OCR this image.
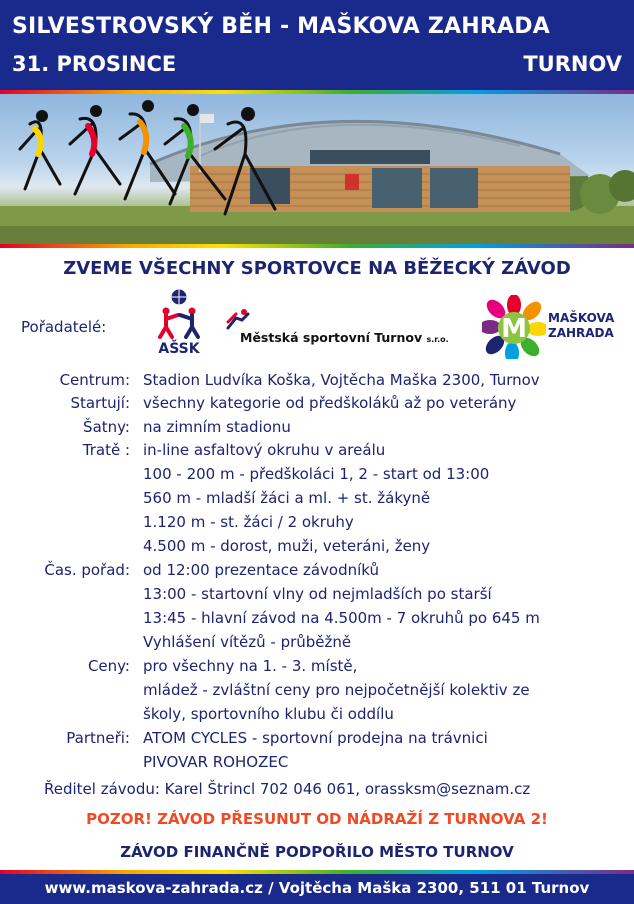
SILVESTROVSKÝ BĚH - MAŠKOVA ZAHRADA
31. PROSINCE	TURNOV
ZVEME VŠECHNY SPORTOVCE NA BĚŽECKÝ ZÁVOD
Pořadatelé:
AŠSK
Městská sportovní Turnov s.r.o. M MAŠKOVA
ZAHRADA
Centrum: Stadion Ludvíka Koška, Vojtěcha Maška 2300, Turnov
Startují: všechny kategorie od předškoláků až po veterány
Šatny: na zimním stadionu
Tratě : in-line asfaltový okruhu v areálu
100 - 200 m - předškoláci 1, 2 - start od 13:00
560 m - mladší žáci a ml. + st. žákyně
1.120 m - st. žáci / 2 okruhy
4.500 m - dorost, muži, veteráni, ženy
Čas. pořad: od 12:00 prezentace závodníků
13:00 - startovní vlny od nejmladších po starší
13:45 - hlavní závod na 4.500m - 7 okruhů po 645 m
Vyhlášení vítězů - průběžně
Ceny: pro všechny na 1. - 3. místě,
mládež - zvláštní ceny pro nejpočetnější kolektiv ze
školy, sportovního klubu či oddílu
Partneři: ATOM CYCLES - sportovní prodejna na trávnici
PIVOVAR ROHOZEC
Ředitel závodu: Karel Štrincl 702 046 061, orassksm@seznam.cz
POZOR! ZÁVOD PŘESUNUT OD NÁDRAŽÍ Z TURNOVA 2!
ZÁVOD FINANČNĚ PODPOŘILO MĚSTO TURNOV
www.maskova-zahrada.cz / Vojtěcha Maška 2300, 511 01 Turnov
